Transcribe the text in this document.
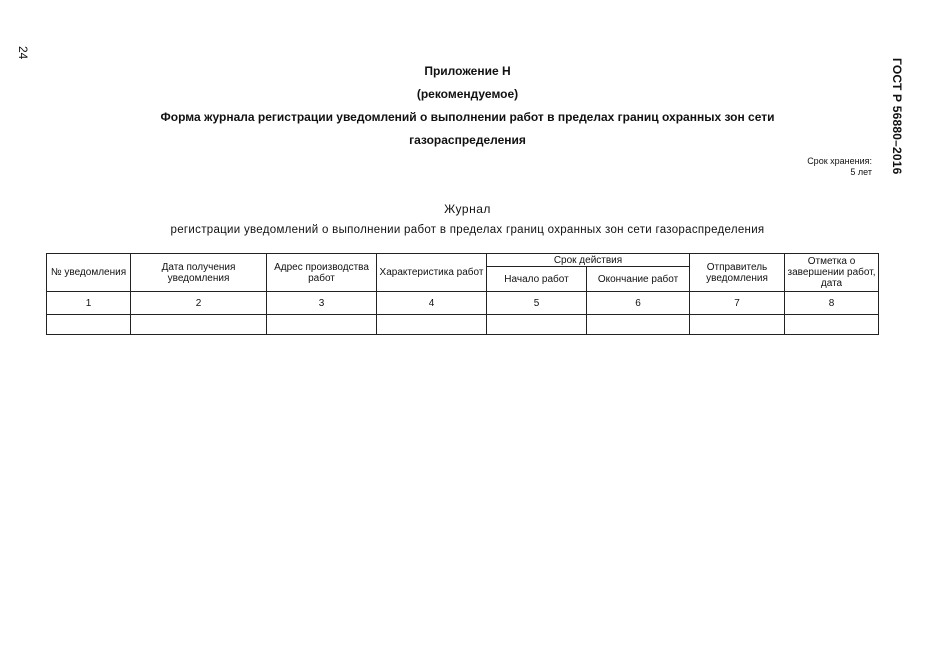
24
ГОСТ Р 56880–2016
Приложение Н
(рекомендуемое)
Форма журнала регистрации уведомлений о выполнении работ в пределах границ охранных зон сети
газораспределения
Срок хранения:
5 лет
Журнал
регистрации уведомлений о выполнении работ в пределах границ охранных зон сети газораспределения
№ уведомления	Дата получения уведомления	Адрес производства работ	Характеристика работ	Срок действия		Отправитель уведомления	Отметка о завершении работ, дата
				Начало работ	Окончание работ		
1	2	3	4	5	6	7	8
